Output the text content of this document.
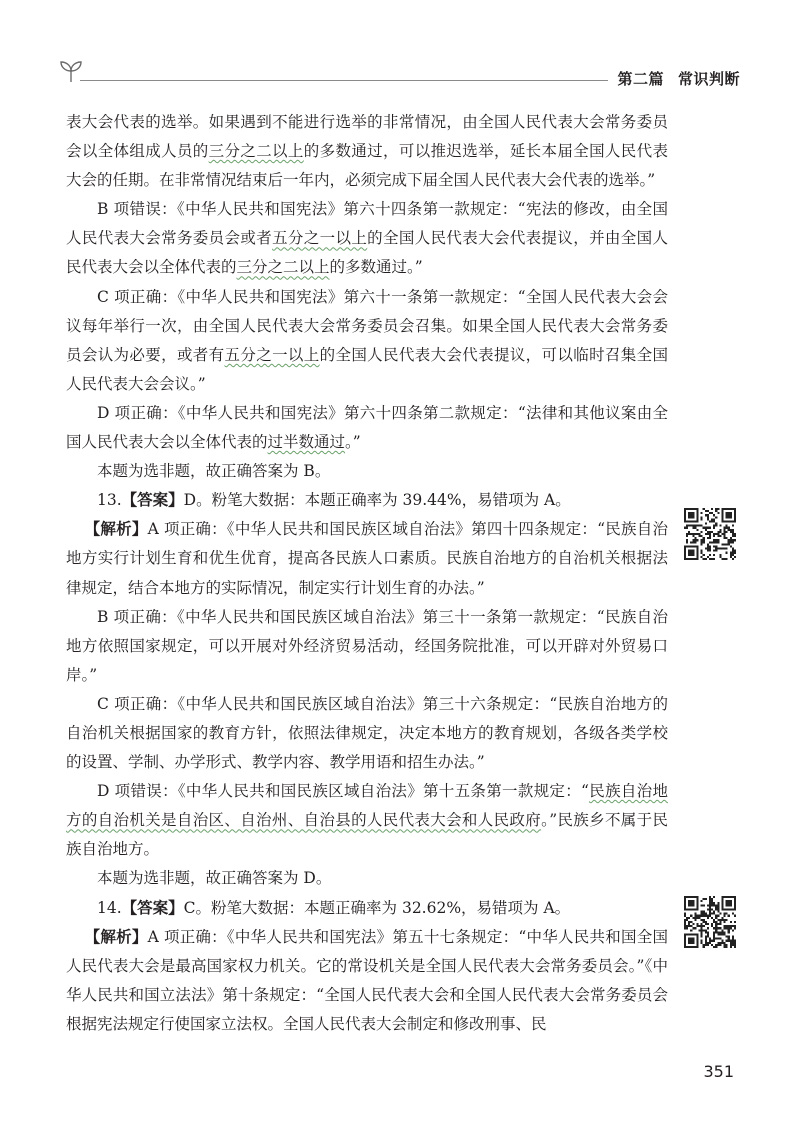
第二篇 常识判断

表大会代表的选举。如果遇到不能进行选举的非常情况，由全国人民代表大会常务委员会以全体组成人员的三分之二以上的多数通过，可以推迟选举，延长本届全国人民代表大会的任期。在非常情况结束后一年内，必须完成下届全国人民代表大会代表的选举。”

B 项错误：《中华人民共和国宪法》第六十四条第一款规定：“宪法的修改，由全国人民代表大会常务委员会或者五分之一以上的全国人民代表大会代表提议，并由全国人民代表大会以全体代表的三分之二以上的多数通过。”

C 项正确：《中华人民共和国宪法》第六十一条第一款规定：“全国人民代表大会会议每年举行一次，由全国人民代表大会常务委员会召集。如果全国人民代表大会常务委员会认为必要，或者有五分之一以上的全国人民代表大会代表提议，可以临时召集全国人民代表大会会议。”

D 项正确：《中华人民共和国宪法》第六十四条第二款规定：“法律和其他议案由全国人民代表大会以全体代表的过半数通过。”

本题为选非题，故正确答案为 B。

13.【答案】D。粉笔大数据：本题正确率为 39.44%，易错项为 A。

【解析】A 项正确：《中华人民共和国民族区域自治法》第四十四条规定：“民族自治地方实行计划生育和优生优育，提高各民族人口素质。民族自治地方的自治机关根据法律规定，结合本地方的实际情况，制定实行计划生育的办法。”

B 项正确：《中华人民共和国民族区域自治法》第三十一条第一款规定：“民族自治地方依照国家规定，可以开展对外经济贸易活动，经国务院批准，可以开辟对外贸易口岸。”

C 项正确：《中华人民共和国民族区域自治法》第三十六条规定：“民族自治地方的自治机关根据国家的教育方针，依照法律规定，决定本地方的教育规划，各级各类学校的设置、学制、办学形式、教学内容、教学用语和招生办法。”

D 项错误：《中华人民共和国民族区域自治法》第十五条第一款规定：“民族自治地方的自治机关是自治区、自治州、自治县的人民代表大会和人民政府。”民族乡不属于民族自治地方。

本题为选非题，故正确答案为 D。

14.【答案】C。粉笔大数据：本题正确率为 32.62%，易错项为 A。

【解析】A 项正确：《中华人民共和国宪法》第五十七条规定：“中华人民共和国全国人民代表大会是最高国家权力机关。它的常设机关是全国人民代表大会常务委员会。”《中华人民共和国立法法》第十条规定：“全国人民代表大会和全国人民代表大会常务委员会根据宪法规定行使国家立法权。全国人民代表大会制定和修改刑事、民

351
